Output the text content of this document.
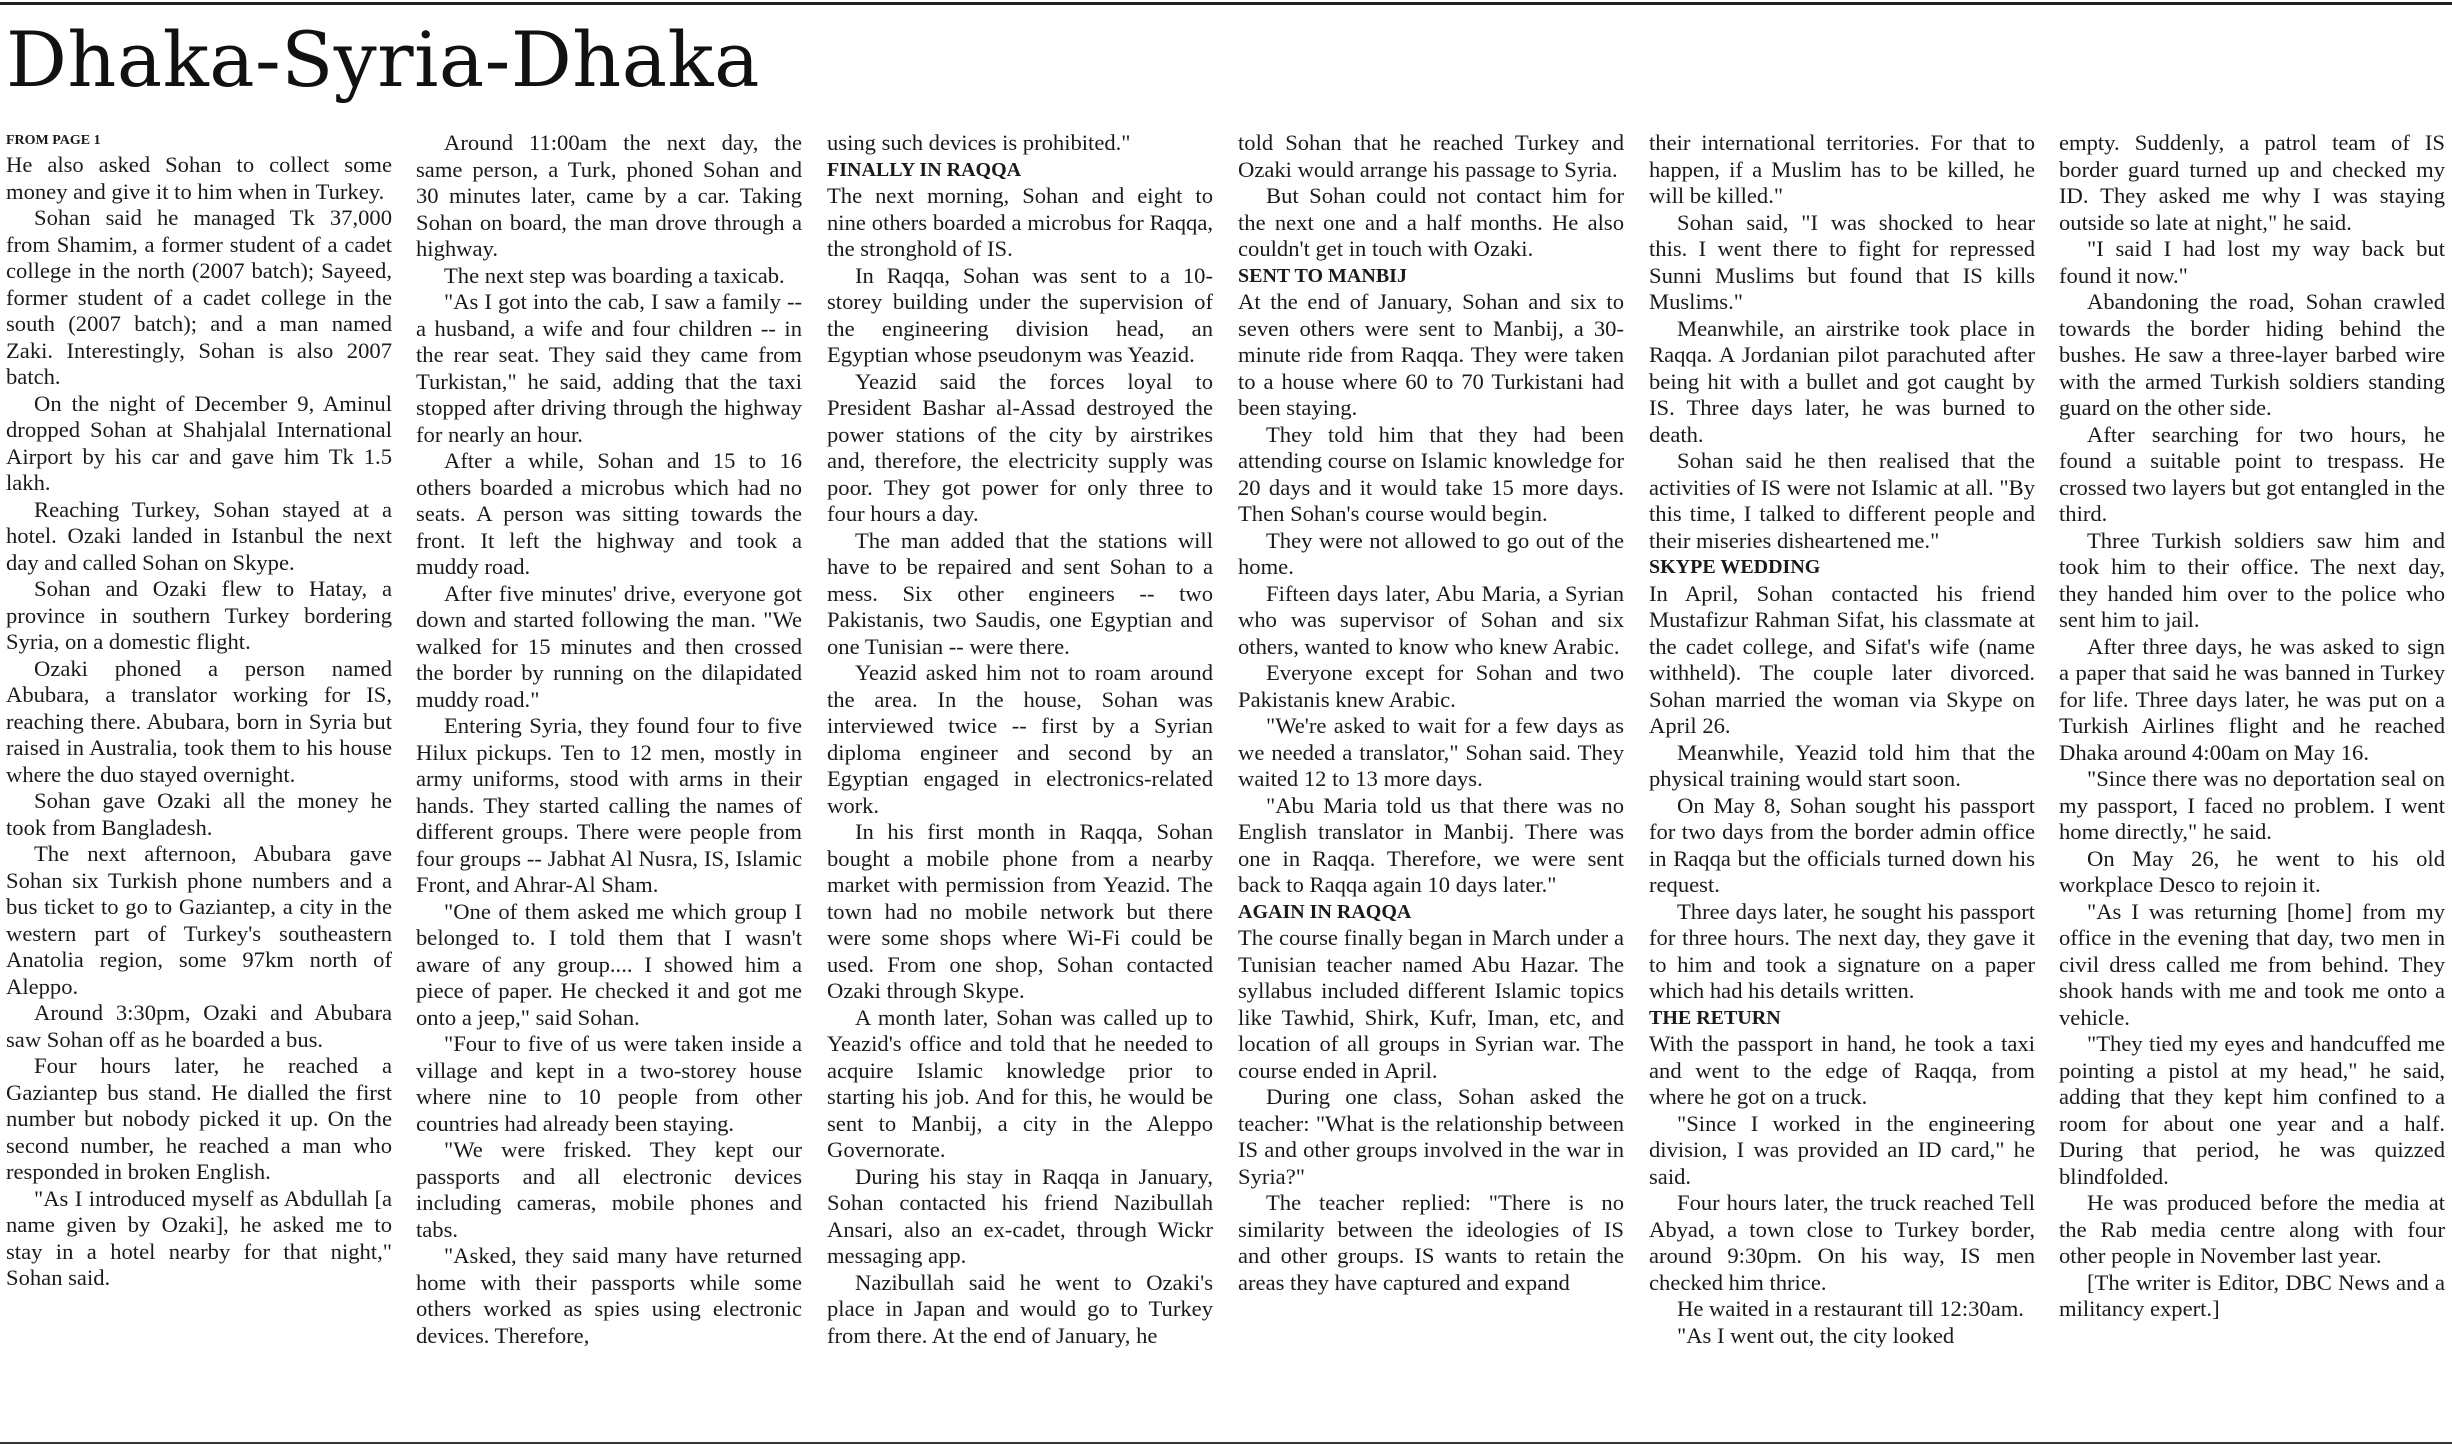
Dhaka-Syria-Dhaka
FROM PAGE 1

He also asked Sohan to collect some money and give it to him when in Turkey.

Sohan said he managed Tk 37,000 from Shamim, a former student of a cadet college in the north (2007 batch); Sayeed, former student of a cadet college in the south (2007 batch); and a man named Zaki. Interestingly, Sohan is also 2007 batch.

On the night of December 9, Aminul dropped Sohan at Shahjalal International Airport by his car and gave him Tk 1.5 lakh.

Reaching Turkey, Sohan stayed at a hotel. Ozaki landed in Istanbul the next day and called Sohan on Skype.

Sohan and Ozaki flew to Hatay, a province in southern Turkey bordering Syria, on a domestic flight.

Ozaki phoned a person named Abubara, a translator working for IS, reaching there. Abubara, born in Syria but raised in Australia, took them to his house where the duo stayed overnight.

Sohan gave Ozaki all the money he took from Bangladesh.

The next afternoon, Abubara gave Sohan six Turkish phone numbers and a bus ticket to go to Gaziantep, a city in the western part of Turkey's southeastern Anatolia region, some 97km north of Aleppo.

Around 3:30pm, Ozaki and Abubara saw Sohan off as he boarded a bus.

Four hours later, he reached a Gaziantep bus stand. He dialled the first number but nobody picked it up. On the second number, he reached a man who responded in broken English.

"As I introduced myself as Abdullah [a name given by Ozaki], he asked me to stay in a hotel nearby for that night," Sohan said.

Around 11:00am the next day, the same person, a Turk, phoned Sohan and 30 minutes later, came by a car. Taking Sohan on board, the man drove through a highway.

The next step was boarding a taxicab.

"As I got into the cab, I saw a family -- a husband, a wife and four children -- in the rear seat. They said they came from Turkistan," he said, adding that the taxi stopped after driving through the highway for nearly an hour.

After a while, Sohan and 15 to 16 others boarded a microbus which had no seats. A person was sitting towards the front. It left the highway and took a muddy road.

After five minutes' drive, everyone got down and started following the man. "We walked for 15 minutes and then crossed the border by running on the dilapidated muddy road."

Entering Syria, they found four to five Hilux pickups. Ten to 12 men, mostly in army uniforms, stood with arms in their hands. They started calling the names of different groups. There were people from four groups -- Jabhat Al Nusra, IS, Islamic Front, and Ahrar-Al Sham.

"One of them asked me which group I belonged to. I told them that I wasn't aware of any group.... I showed him a piece of paper. He checked it and got me onto a jeep," said Sohan.

"Four to five of us were taken inside a village and kept in a two-storey house where nine to 10 people from other countries had already been staying.

"We were frisked. They kept our passports and all electronic devices including cameras, mobile phones and tabs.

"Asked, they said many have returned home with their passports while some others worked as spies using electronic devices. Therefore,

using such devices is prohibited."

FINALLY IN RAQQA

The next morning, Sohan and eight to nine others boarded a microbus for Raqqa, the stronghold of IS.

In Raqqa, Sohan was sent to a 10-storey building under the supervision of the engineering division head, an Egyptian whose pseudonym was Yeazid.

Yeazid said the forces loyal to President Bashar al-Assad destroyed the power stations of the city by airstrikes and, therefore, the electricity supply was poor. They got power for only three to four hours a day.

The man added that the stations will have to be repaired and sent Sohan to a mess. Six other engineers -- two Pakistanis, two Saudis, one Egyptian and one Tunisian -- were there.

Yeazid asked him not to roam around the area. In the house, Sohan was interviewed twice -- first by a Syrian diploma engineer and second by an Egyptian engaged in electronics-related work.

In his first month in Raqqa, Sohan bought a mobile phone from a nearby market with permission from Yeazid. The town had no mobile network but there were some shops where Wi-Fi could be used. From one shop, Sohan contacted Ozaki through Skype.

A month later, Sohan was called up to Yeazid's office and told that he needed to acquire Islamic knowledge prior to starting his job. And for this, he would be sent to Manbij, a city in the Aleppo Governorate.

During his stay in Raqqa in January, Sohan contacted his friend Nazibullah Ansari, also an ex-cadet, through Wickr messaging app.

Nazibullah said he went to Ozaki's place in Japan and would go to Turkey from there. At the end of January, he

told Sohan that he reached Turkey and Ozaki would arrange his passage to Syria.

But Sohan could not contact him for the next one and a half months. He also couldn't get in touch with Ozaki.

SENT TO MANBIJ

At the end of January, Sohan and six to seven others were sent to Manbij, a 30-minute ride from Raqqa. They were taken to a house where 60 to 70 Turkistani had been staying.

They told him that they had been attending course on Islamic knowledge for 20 days and it would take 15 more days. Then Sohan's course would begin.

They were not allowed to go out of the home.

Fifteen days later, Abu Maria, a Syrian who was supervisor of Sohan and six others, wanted to know who knew Arabic.

Everyone except for Sohan and two Pakistanis knew Arabic.

"We're asked to wait for a few days as we needed a translator," Sohan said. They waited 12 to 13 more days.

"Abu Maria told us that there was no English translator in Manbij. There was one in Raqqa. Therefore, we were sent back to Raqqa again 10 days later."

AGAIN IN RAQQA

The course finally began in March under a Tunisian teacher named Abu Hazar. The syllabus included different Islamic topics like Tawhid, Shirk, Kufr, Iman, etc, and location of all groups in Syrian war. The course ended in April.

During one class, Sohan asked the teacher: "What is the relationship between IS and other groups involved in the war in Syria?"

The teacher replied: "There is no similarity between the ideologies of IS and other groups. IS wants to retain the areas they have captured and expand

their international territories. For that to happen, if a Muslim has to be killed, he will be killed."

Sohan said, "I was shocked to hear this. I went there to fight for repressed Sunni Muslims but found that IS kills Muslims."

Meanwhile, an airstrike took place in Raqqa. A Jordanian pilot parachuted after being hit with a bullet and got caught by IS. Three days later, he was burned to death.

Sohan said he then realised that the activities of IS were not Islamic at all. "By this time, I talked to different people and their miseries disheartened me."

SKYPE WEDDING

In April, Sohan contacted his friend Mustafizur Rahman Sifat, his classmate at the cadet college, and Sifat's wife (name withheld). The couple later divorced. Sohan married the woman via Skype on April 26.

Meanwhile, Yeazid told him that the physical training would start soon.

On May 8, Sohan sought his passport for two days from the border admin office in Raqqa but the officials turned down his request.

Three days later, he sought his passport for three hours. The next day, they gave it to him and took a signature on a paper which had his details written.

THE RETURN

With the passport in hand, he took a taxi and went to the edge of Raqqa, from where he got on a truck.

"Since I worked in the engineering division, I was provided an ID card," he said.

Four hours later, the truck reached Tell Abyad, a town close to Turkey border, around 9:30pm. On his way, IS men checked him thrice.

He waited in a restaurant till 12:30am.

"As I went out, the city looked

empty. Suddenly, a patrol team of IS border guard turned up and checked my ID. They asked me why I was staying outside so late at night," he said.

"I said I had lost my way back but found it now."

Abandoning the road, Sohan crawled towards the border hiding behind the bushes. He saw a three-layer barbed wire with the armed Turkish soldiers standing guard on the other side.

After searching for two hours, he found a suitable point to trespass. He crossed two layers but got entangled in the third.

Three Turkish soldiers saw him and took him to their office. The next day, they handed him over to the police who sent him to jail.

After three days, he was asked to sign a paper that said he was banned in Turkey for life. Three days later, he was put on a Turkish Airlines flight and he reached Dhaka around 4:00am on May 16.

"Since there was no deportation seal on my passport, I faced no problem. I went home directly," he said.

On May 26, he went to his old workplace Desco to rejoin it.

"As I was returning [home] from my office in the evening that day, two men in civil dress called me from behind. They shook hands with me and took me onto a vehicle.

"They tied my eyes and handcuffed me pointing a pistol at my head," he said, adding that they kept him confined to a room for about one year and a half. During that period, he was quizzed blindfolded.

He was produced before the media at the Rab media centre along with four other people in November last year.

[The writer is Editor, DBC News and a militancy expert.]
